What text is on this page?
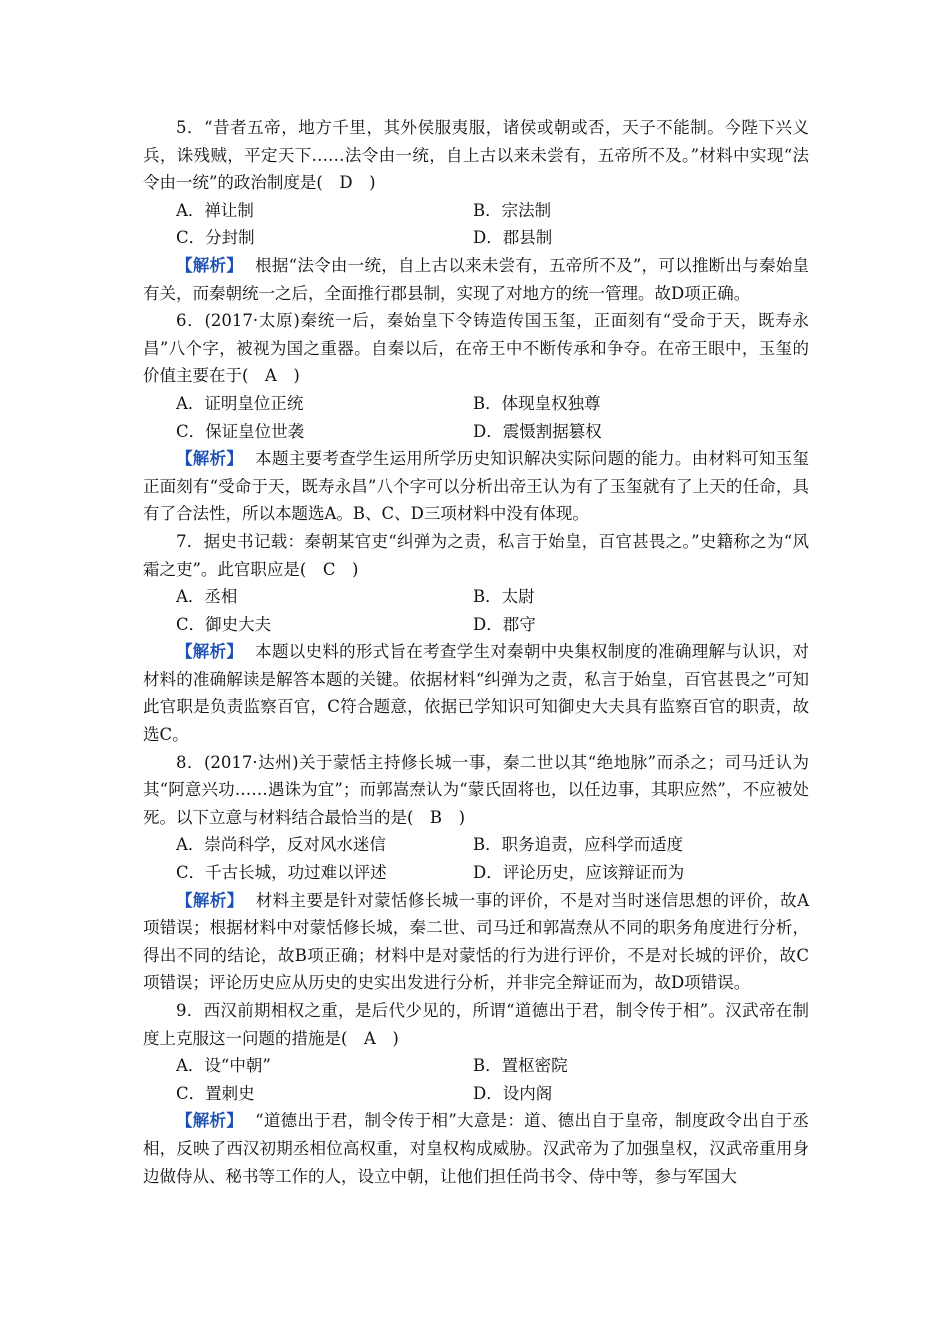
5．“昔者五帝，地方千里，其外侯服夷服，诸侯或朝或否，天子不能制。今陛下兴义兵，诛残贼，平定天下……法令由一统，自上古以来未尝有，五帝所不及。”材料中实现“法令由一统”的政治制度是(　D　)

A．禅让制	B．宗法制
C．分封制	D．郡县制

【解析】 根据“法令由一统，自上古以来未尝有，五帝所不及”，可以推断出与秦始皇有关，而秦朝统一之后，全面推行郡县制，实现了对地方的统一管理。故D项正确。

6．(2017·太原)秦统一后，秦始皇下令铸造传国玉玺，正面刻有“受命于天，既寿永昌”八个字，被视为国之重器。自秦以后，在帝王中不断传承和争夺。在帝王眼中，玉玺的价值主要在于(　A　)

A．证明皇位正统	B．体现皇权独尊
C．保证皇位世袭	D．震慑割据篡权

【解析】 本题主要考查学生运用所学历史知识解决实际问题的能力。由材料可知玉玺正面刻有“受命于天，既寿永昌”八个字可以分析出帝王认为有了玉玺就有了上天的任命，具有了合法性，所以本题选A。B、C、D三项材料中没有体现。

7．据史书记载：秦朝某官吏“纠弹为之责，私言于始皇，百官甚畏之。”史籍称之为“风霜之吏”。此官职应是(　C　)

A．丞相	B．太尉
C．御史大夫	D．郡守

【解析】 本题以史料的形式旨在考查学生对秦朝中央集权制度的准确理解与认识，对材料的准确解读是解答本题的关键。依据材料“纠弹为之责，私言于始皇，百官甚畏之”可知此官职是负责监察百官，C符合题意，依据已学知识可知御史大夫具有监察百官的职责，故选C。

8．(2017·达州)关于蒙恬主持修长城一事，秦二世以其“绝地脉”而杀之；司马迁认为其“阿意兴功……遇诛为宜”；而郭嵩焘认为“蒙氏固将也，以任边事，其职应然”，不应被处死。以下立意与材料结合最恰当的是(　B　)

A．崇尚科学，反对风水迷信	B．职务追责，应科学而适度
C．千古长城，功过难以评述	D．评论历史，应该辩证而为

【解析】 材料主要是针对蒙恬修长城一事的评价，不是对当时迷信思想的评价，故A项错误；根据材料中对蒙恬修长城，秦二世、司马迁和郭嵩焘从不同的职务角度进行分析，得出不同的结论，故B项正确；材料中是对蒙恬的行为进行评价，不是对长城的评价，故C项错误；评论历史应从历史的史实出发进行分析，并非完全辩证而为，故D项错误。

9．西汉前期相权之重，是后代少见的，所谓“道德出于君，制令传于相”。汉武帝在制度上克服这一问题的措施是(　A　)

A．设“中朝”	B．置枢密院
C．置刺史	D．设内阁

【解析】 “道德出于君，制令传于相”大意是：道、德出自于皇帝，制度政令出自于丞相，反映了西汉初期丞相位高权重，对皇权构成威胁。汉武帝为了加强皇权，汉武帝重用身边做侍从、秘书等工作的人，设立中朝，让他们担任尚书令、侍中等，参与军国大
